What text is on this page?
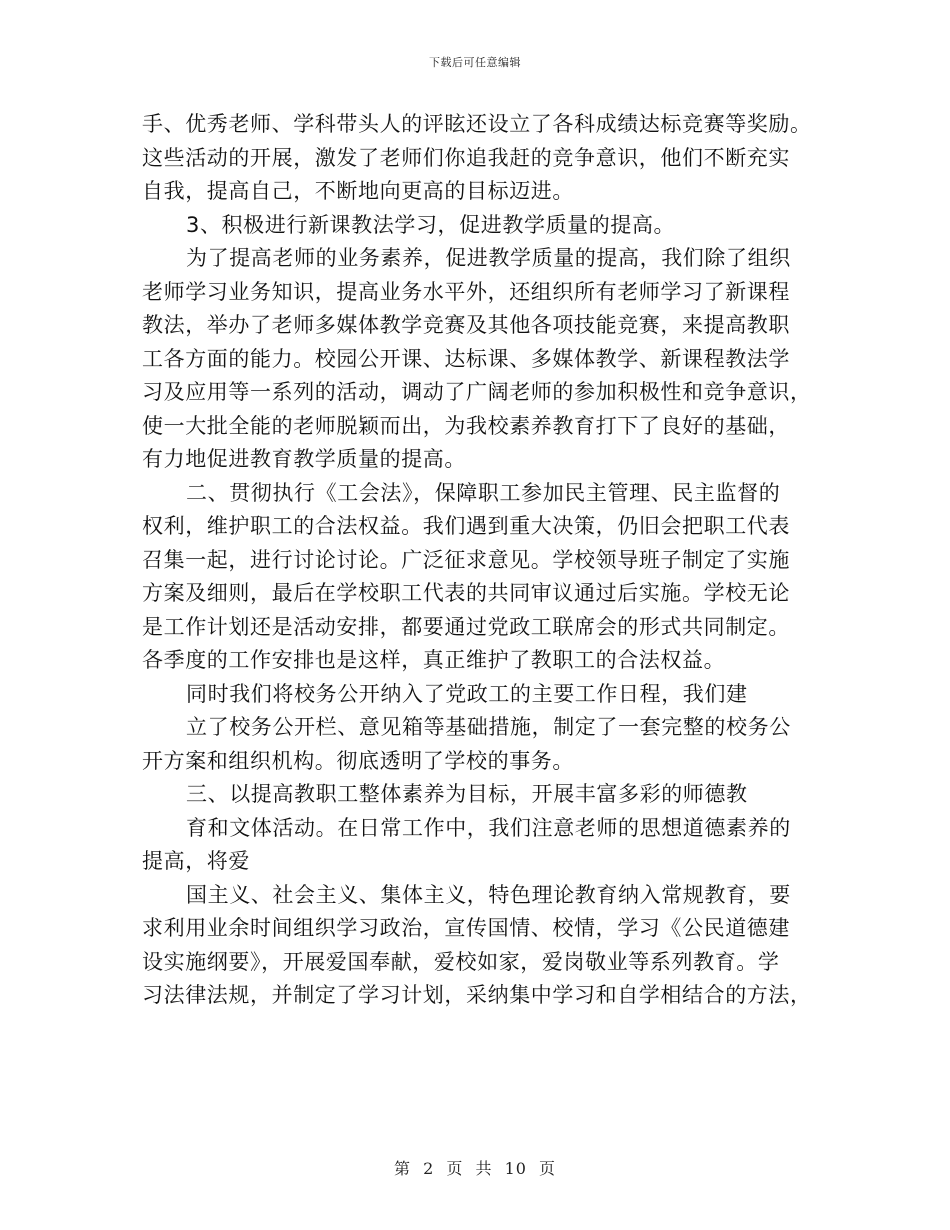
下载后可任意编辑
手、优秀老师、学科带头人的评眩还设立了各科成绩达标竞赛等奖励。
这些活动的开展，激发了老师们你追我赶的竞争意识，他们不断充实
自我，提高自己，不断地向更高的目标迈进。
3、积极进行新课教法学习，促进教学质量的提高。
为了提高老师的业务素养，促进教学质量的提高，我们除了组织
老师学习业务知识，提高业务水平外，还组织所有老师学习了新课程
教法，举办了老师多媒体教学竞赛及其他各项技能竞赛，来提高教职
工各方面的能力。校园公开课、达标课、多媒体教学、新课程教法学
习及应用等一系列的活动，调动了广阔老师的参加积极性和竞争意识，
使一大批全能的老师脱颖而出，为我校素养教育打下了良好的基础，
有力地促进教育教学质量的提高。
二、贯彻执行《工会法》，保障职工参加民主管理、民主监督的
权利，维护职工的合法权益。我们遇到重大决策，仍旧会把职工代表
召集一起，进行讨论讨论。广泛征求意见。学校领导班子制定了实施
方案及细则，最后在学校职工代表的共同审议通过后实施。学校无论
是工作计划还是活动安排，都要通过党政工联席会的形式共同制定。
各季度的工作安排也是这样，真正维护了教职工的合法权益。
同时我们将校务公开纳入了党政工的主要工作日程，我们建
立了校务公开栏、意见箱等基础措施，制定了一套完整的校务公
开方案和组织机构。彻底透明了学校的事务。
三、以提高教职工整体素养为目标，开展丰富多彩的师德教
育和文体活动。在日常工作中，我们注意老师的思想道德素养的
提高，将爱
国主义、社会主义、集体主义，特色理论教育纳入常规教育，要
求利用业余时间组织学习政治，宣传国情、校情，学习《公民道德建
设实施纲要》，开展爱国奉献，爱校如家，爱岗敬业等系列教育。学
习法律法规，并制定了学习计划，采纳集中学习和自学相结合的方法，
第 2 页 共 10 页
